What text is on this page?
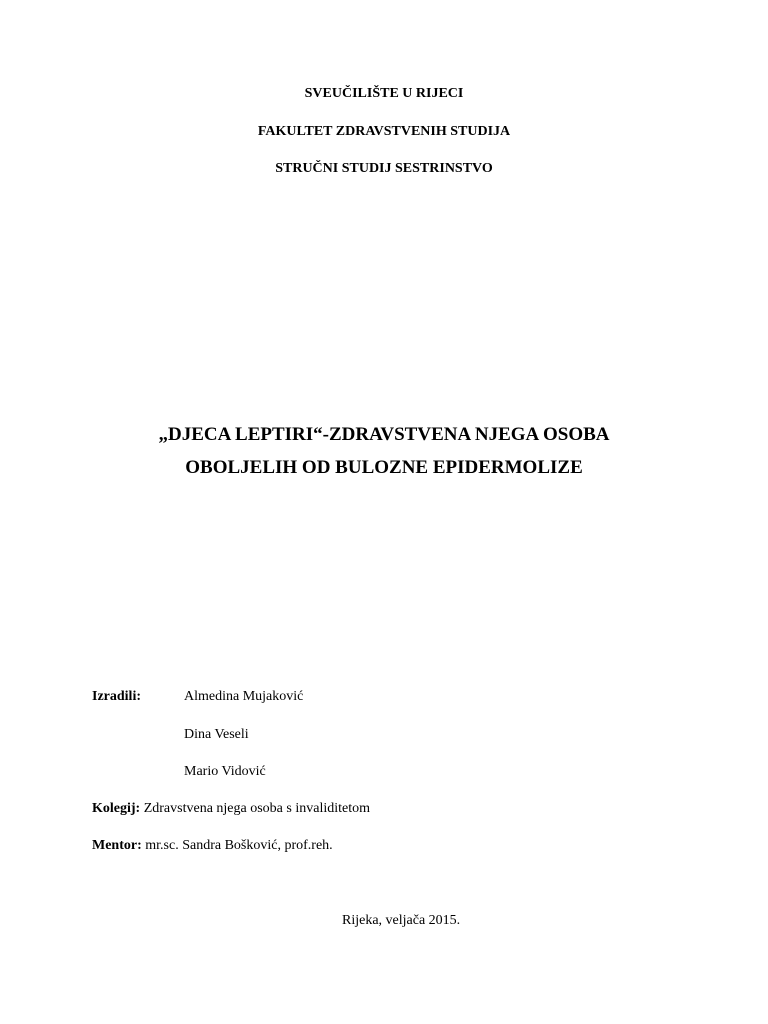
SVEUČILIŠTE U RIJECI
FAKULTET ZDRAVSTVENIH STUDIJA
STRUČNI STUDIJ SESTRINSTVO
„DJECA LEPTIRI“-ZDRAVSTVENA NJEGA OSOBA
OBOLJELIH OD BULOZNE EPIDERMOLIZE
Izradili:	Almedina Mujaković
Dina Veseli
Mario Vidović
Kolegij: Zdravstvena njega osoba s invaliditetom
Mentor: mr.sc. Sandra Bošković, prof.reh.
Rijeka, veljača 2015.
